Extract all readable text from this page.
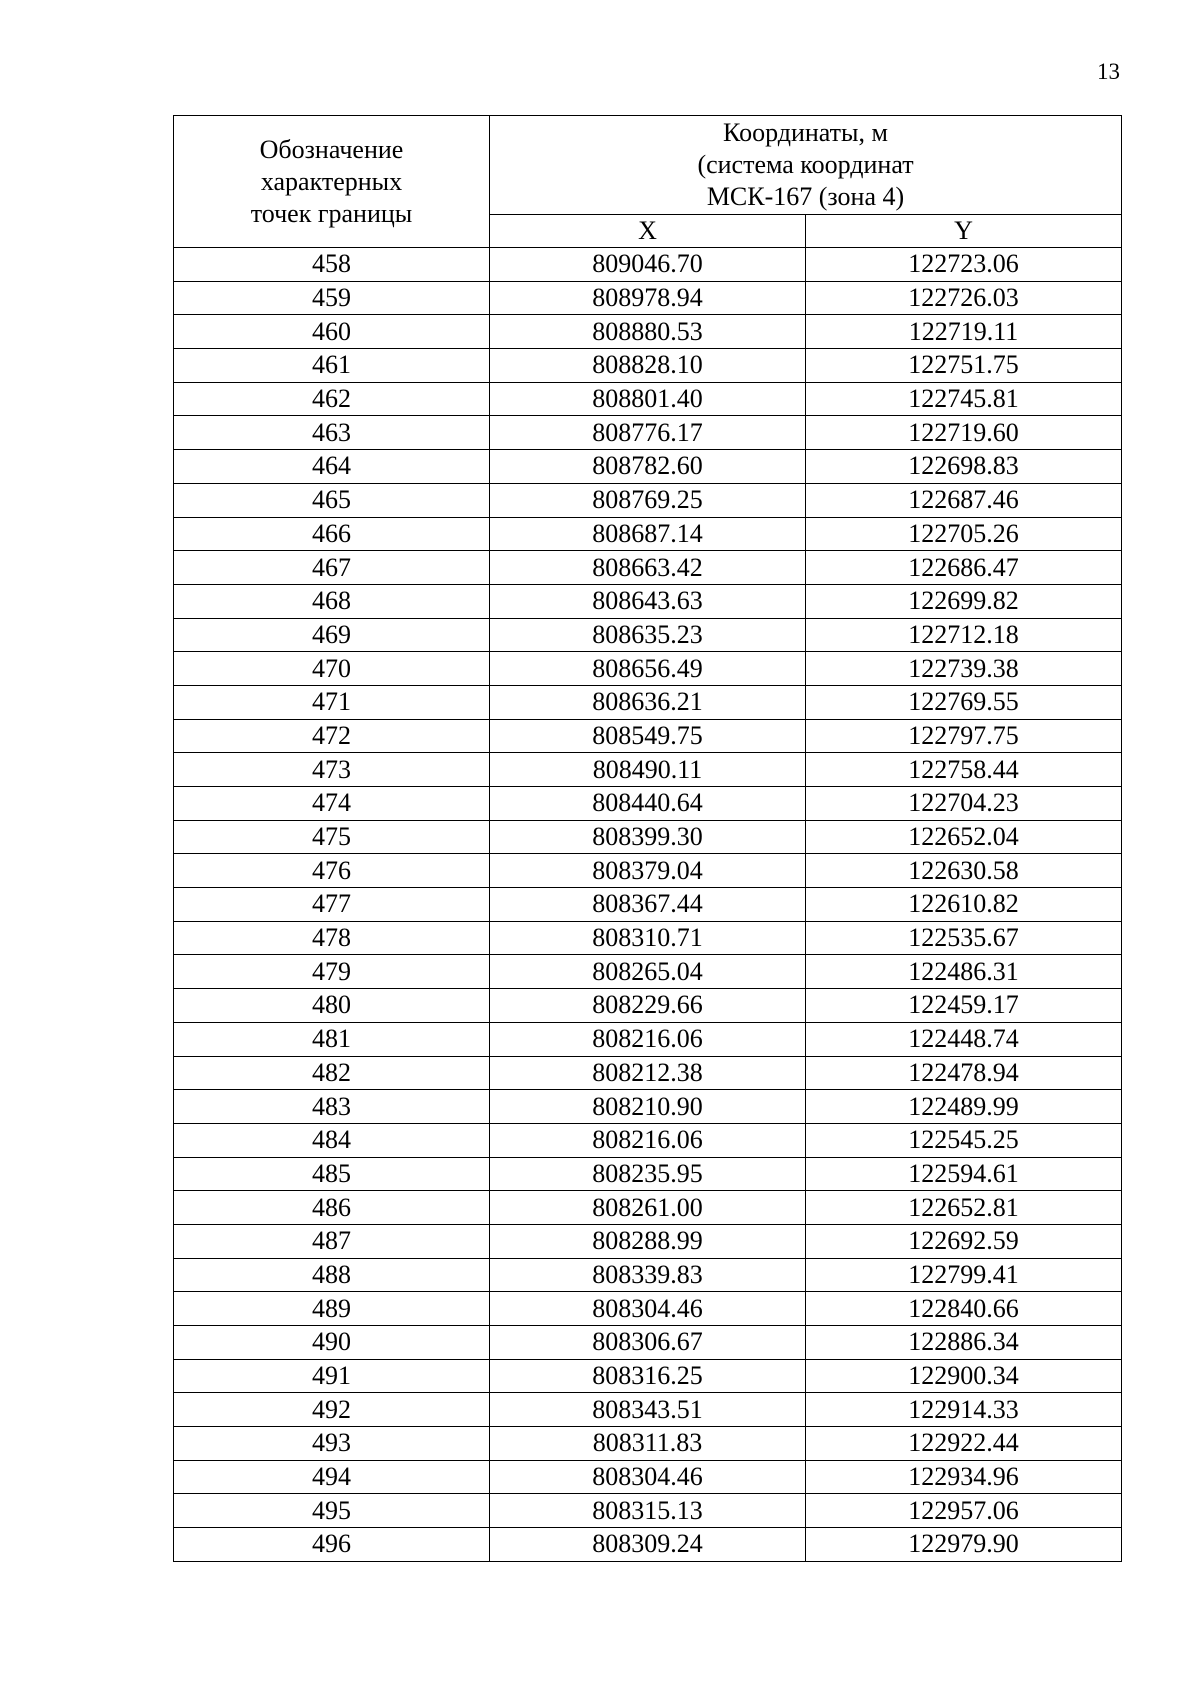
13
Обозначение
характерных
точек границы	Координаты, м
(система координат
МСК-167 (зона 4)	

	X	Y
458	809046.70	122723.06
459	808978.94	122726.03
460	808880.53	122719.11
461	808828.10	122751.75
462	808801.40	122745.81
463	808776.17	122719.60
464	808782.60	122698.83
465	808769.25	122687.46
466	808687.14	122705.26
467	808663.42	122686.47
468	808643.63	122699.82
469	808635.23	122712.18
470	808656.49	122739.38
471	808636.21	122769.55
472	808549.75	122797.75
473	808490.11	122758.44
474	808440.64	122704.23
475	808399.30	122652.04
476	808379.04	122630.58
477	808367.44	122610.82
478	808310.71	122535.67
479	808265.04	122486.31
480	808229.66	122459.17
481	808216.06	122448.74
482	808212.38	122478.94
483	808210.90	122489.99
484	808216.06	122545.25
485	808235.95	122594.61
486	808261.00	122652.81
487	808288.99	122692.59
488	808339.83	122799.41
489	808304.46	122840.66
490	808306.67	122886.34
491	808316.25	122900.34
492	808343.51	122914.33
493	808311.83	122922.44
494	808304.46	122934.96
495	808315.13	122957.06
496	808309.24	122979.90
